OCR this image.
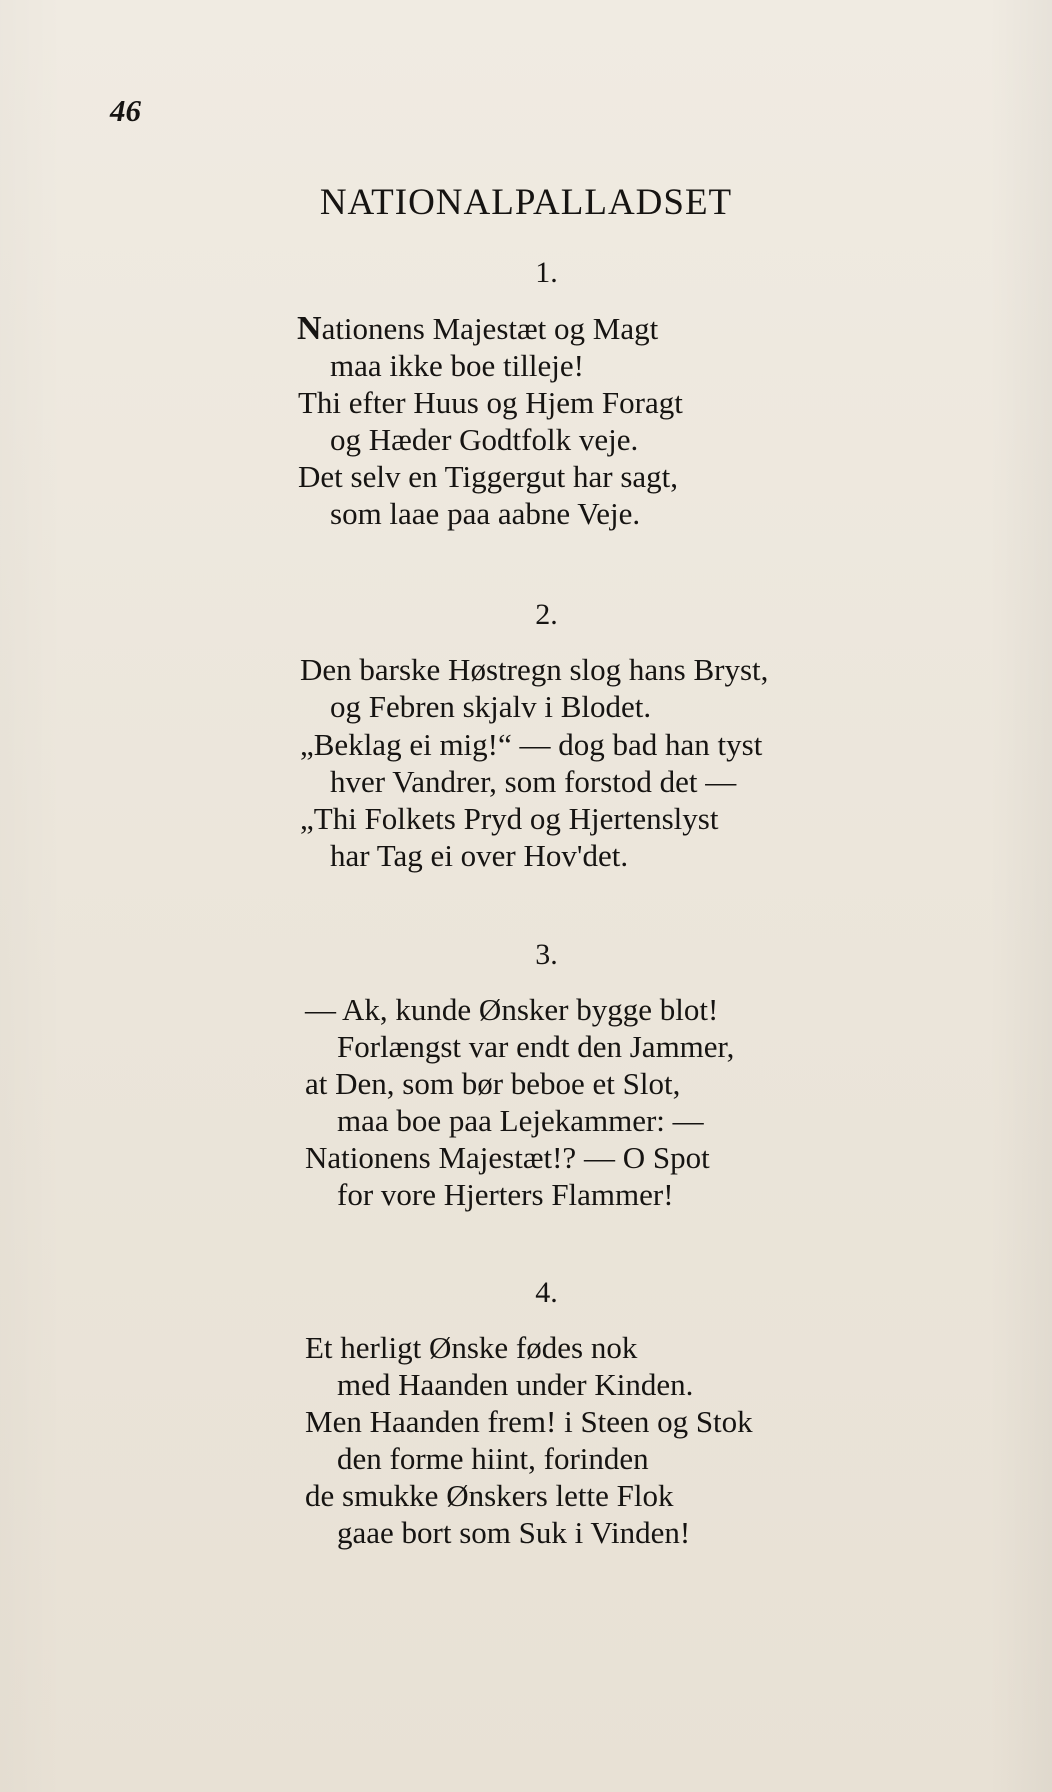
46

NATIONALPALLADSET

1.

Nationens Majestæt og Magt

maa ikke boe tilleje!

Thi efter Huus og Hjem Foragt

og Hæder Godtfolk veje.

Det selv en Tiggergut har sagt,

som laae paa aabne Veje.

2.

Den barske Høstregn slog hans Bryst,

og Febren skjalv i Blodet.

„Beklag ei mig!“ — dog bad han tyst

hver Vandrer, som forstod det —

„Thi Folkets Pryd og Hjertenslyst

har Tag ei over Hov'det.

3.

— Ak, kunde Ønsker bygge blot!

Forlængst var endt den Jammer,

at Den, som bør beboe et Slot,

maa boe paa Lejekammer: —

Nationens Majestæt!? — O Spot

for vore Hjerters Flammer!

4.

Et herligt Ønske fødes nok

med Haanden under Kinden.

Men Haanden frem! i Steen og Stok

den forme hiint, forinden

de smukke Ønskers lette Flok

gaae bort som Suk i Vinden!
